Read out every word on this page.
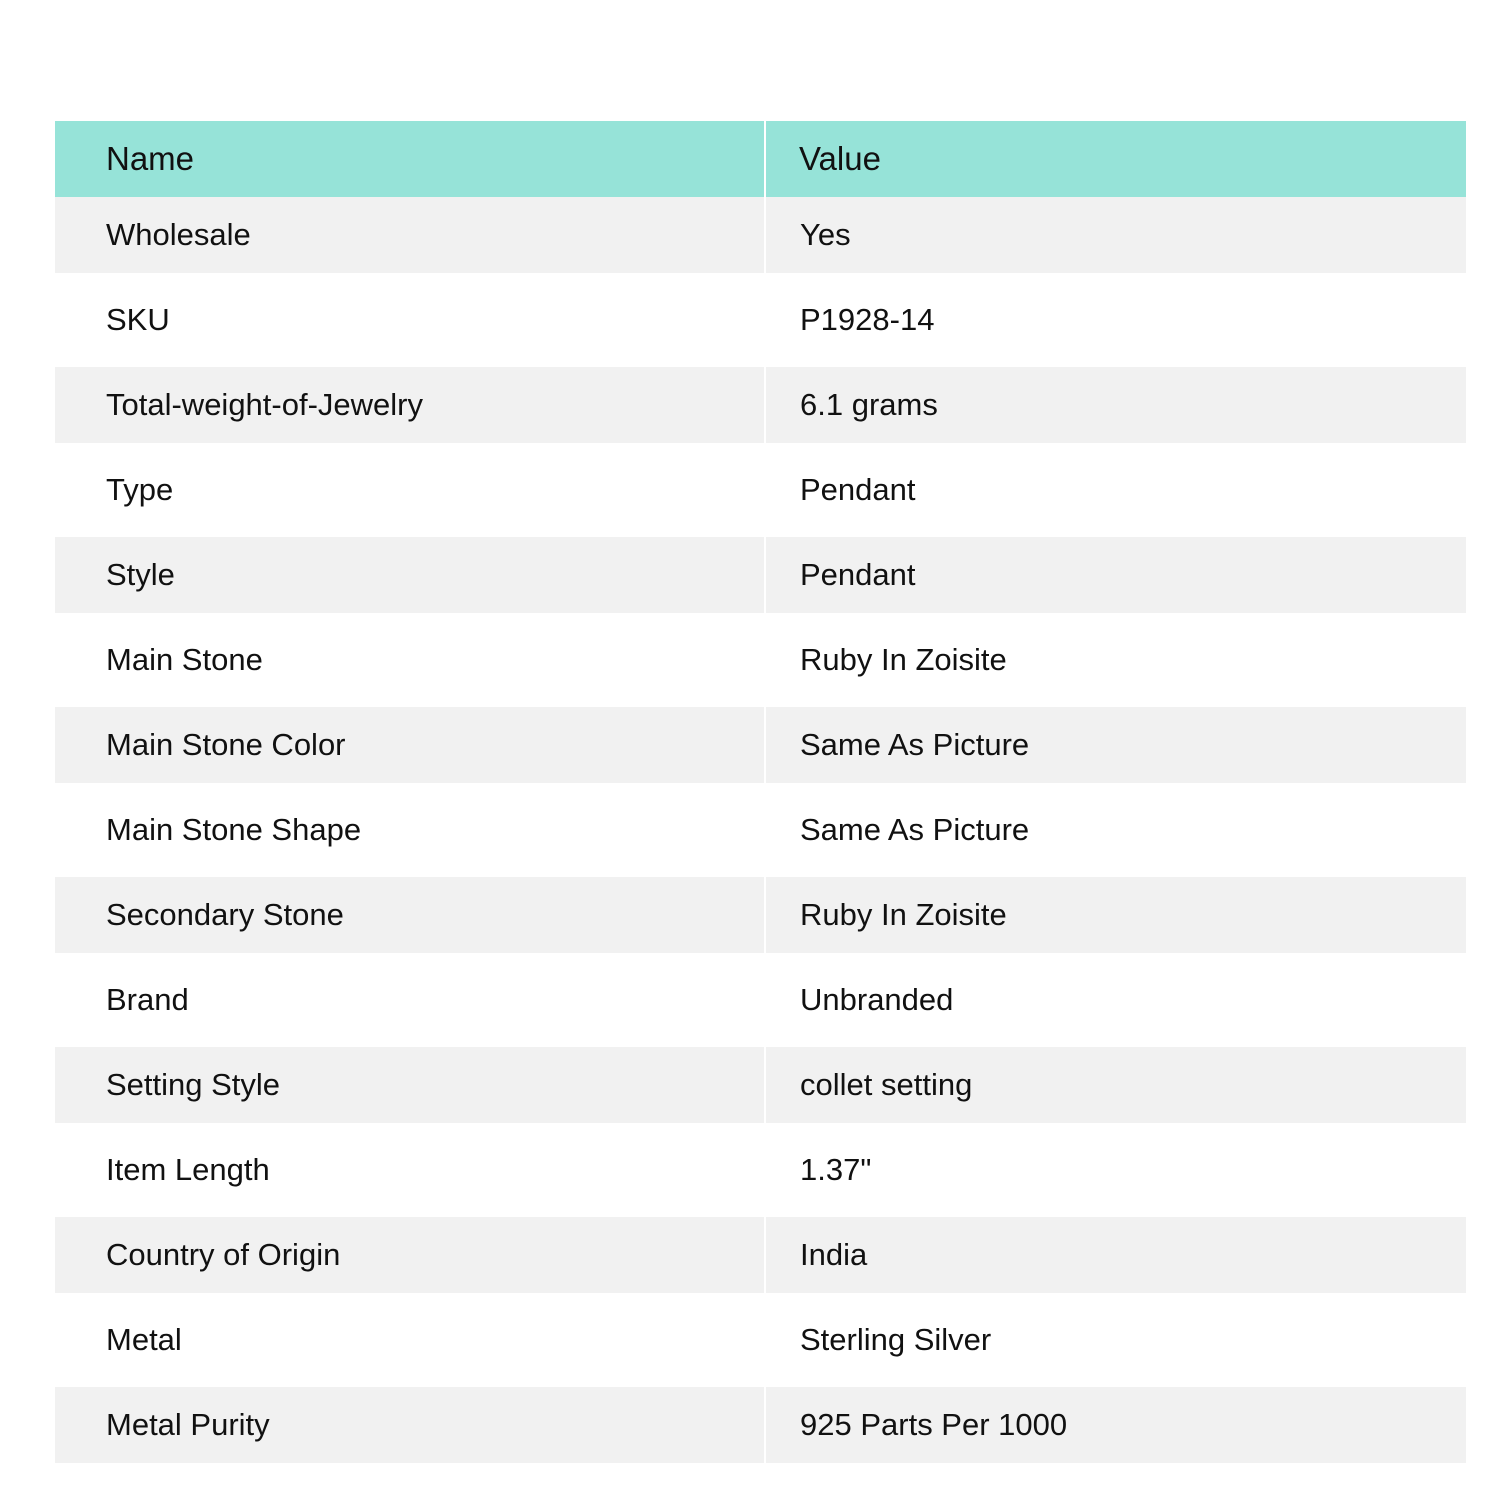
Name	Value
Wholesale	Yes
SKU	P1928-14
Total-weight-of-Jewelry	6.1 grams
Type	Pendant
Style	Pendant
Main Stone	Ruby In Zoisite
Main Stone Color	Same As Picture
Main Stone Shape	Same As Picture
Secondary Stone	Ruby In Zoisite
Brand	Unbranded
Setting Style	collet setting
Item Length	1.37"
Country of Origin	India
Metal	Sterling Silver
Metal Purity	925 Parts Per 1000
